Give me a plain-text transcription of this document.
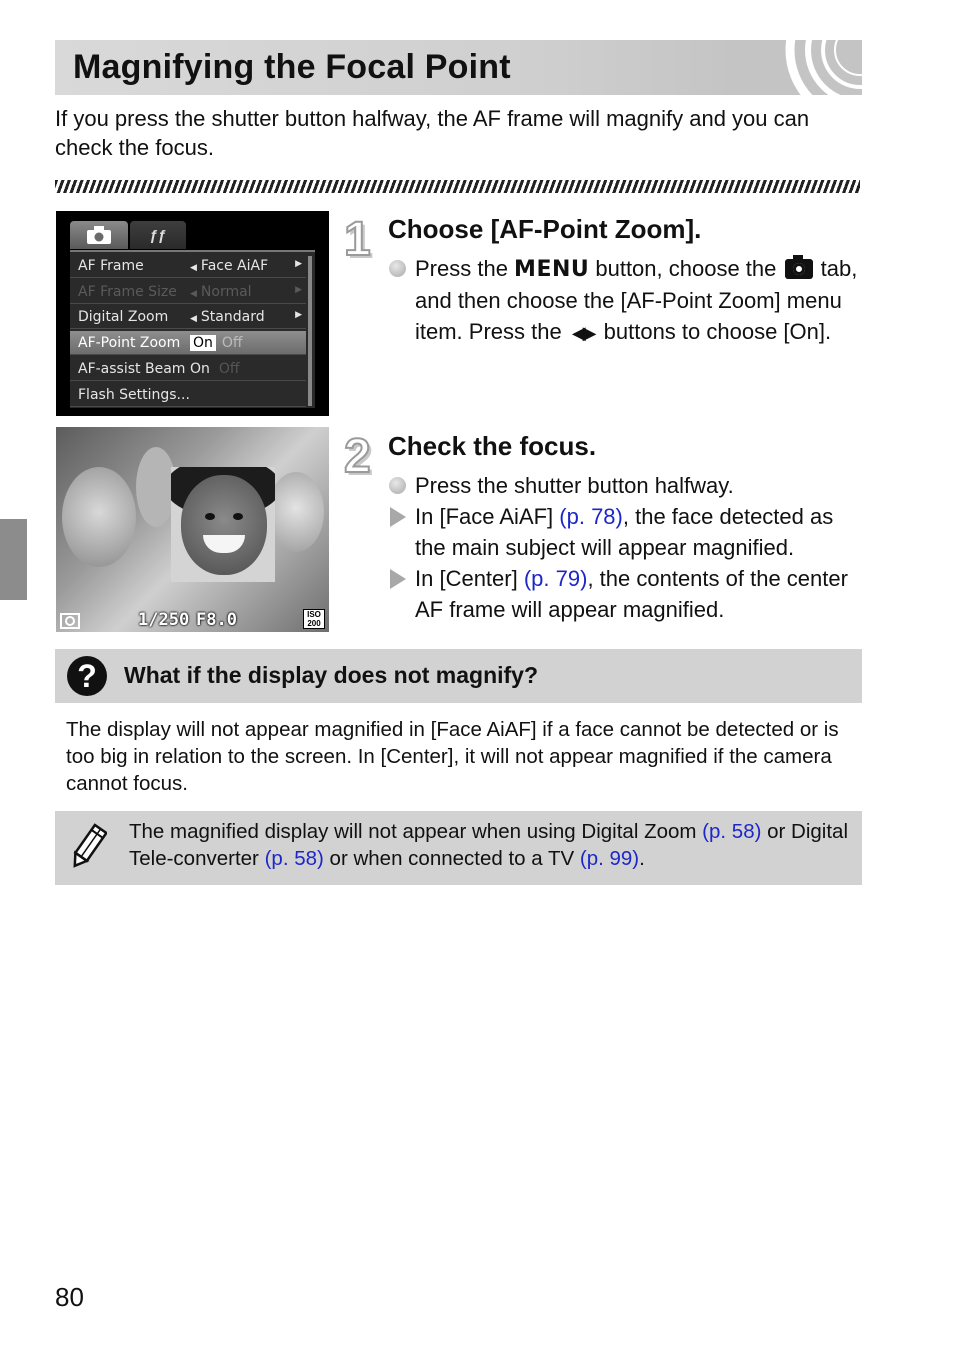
Magnifying the Focal Point

If you press the shutter button halfway, the AF frame will magnify and you can check the focus.

ƒƒ
AF Frame	◀ Face AiAF	▶
AF Frame Size ◀ Normal	▶
Digital Zoom ◀ Standard	▶
AF-Point Zoom On Off
AF-assist Beam On Off
Flash Settings...
1/250 F8.0	ISO
200
1 Choose [AF-Point Zoom].
Press the MENU button, choose the  tab, and then choose the [AF-Point Zoom] menu item. Press the ◀▶ buttons to choose [On].
2 Check the focus.
Press the shutter button halfway.
In [Face AiAF] (p. 78), the face detected as the main subject will appear magnified.
In [Center] (p. 79), the contents of the center AF frame will appear magnified.
?	What if the display does not magnify?

The display will not appear magnified in [Face AiAF] if a face cannot be detected or is too big in relation to the screen. In [Center], it will not appear magnified if the camera cannot focus.

The magnified display will not appear when using Digital Zoom (p. 58) or Digital Tele-converter (p. 58) or when connected to a TV (p. 99).

80
